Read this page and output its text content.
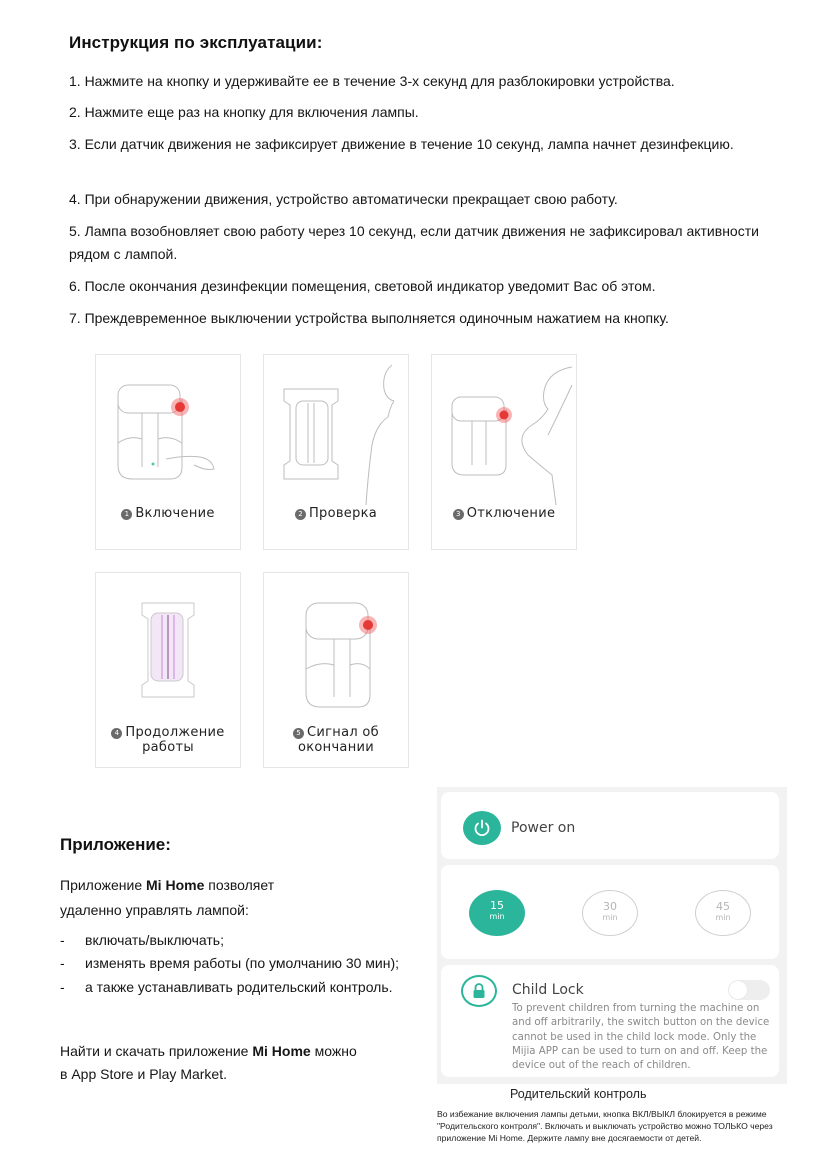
Инструкция по эксплуатации:
1. Нажмите на кнопку и удерживайте ее в течение 3-х секунд для разблокировки устройства.
2. Нажмите еще раз на кнопку для включения лампы.
3. Если датчик движения не зафиксирует движение в течение 10 секунд, лампа начнет дезинфекцию.
4. При обнаружении движения, устройство автоматически прекращает свою работу.
5. Лампа возобновляет свою работу через 10 секунд, если датчик движения не зафиксировал активности рядом с лампой.
6. После окончания дезинфекции помещения, световой индикатор уведомит Вас об этом.
7. Преждевременное выключении устройства выполняется одиночным нажатием на кнопку.
1 Включение	2 Проверка	3 Отключение
4 Продолжение
работы
5 Сигнал об
окончании
Приложение:
Приложение Mi Home позволяет
удаленно управлять лампой:
- включать/выключать;
- изменять время работы (по умолчанию 30 мин);
- а также устанавливать родительский контроль.
Найти и скачать приложение Mi Home можно
в App Store и Play Market.
Power on
15
min
30
min
45
min
Child Lock
To prevent children from turning the machine on and off arbitrarily, the switch button on the device cannot be used in the child lock mode. Only the Mijia APP can be used to turn on and off. Keep the device out of the reach of children.
Родительский контроль
Во избежание включения лампы детьми, кнопка ВКЛ/ВЫКЛ блокируется в режиме "Родительского контроля". Включать и выключать устройство можно ТОЛЬКО через приложение Mi Home. Держите лампу вне досягаемости от детей.
